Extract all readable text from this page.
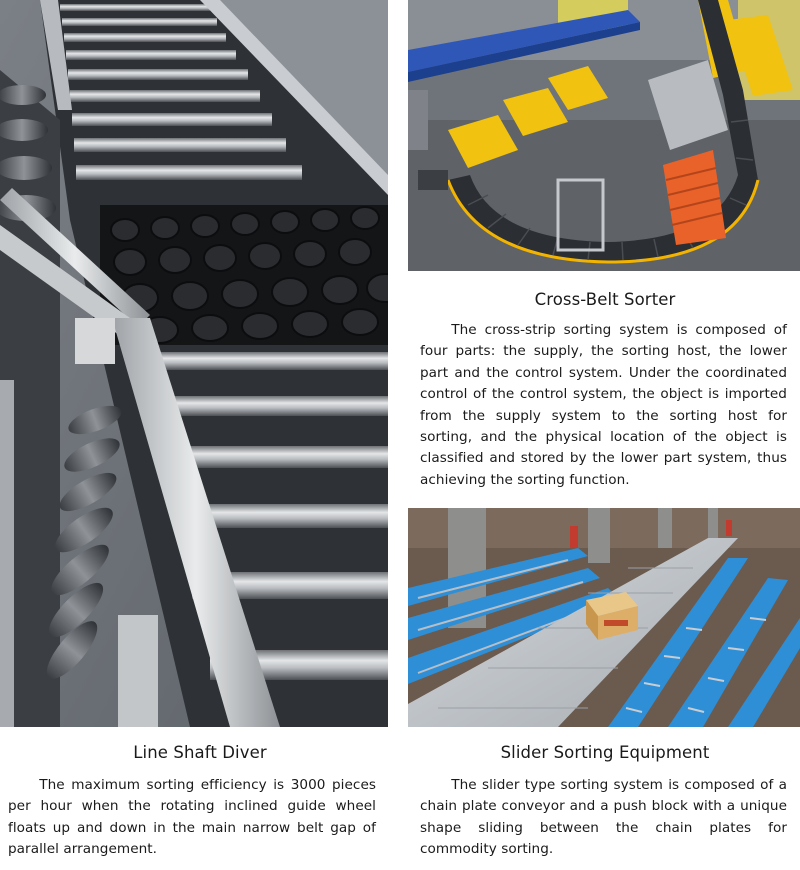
Cross-Belt Sorter
The cross-strip sorting system is composed of four parts: the supply, the sorting host, the lower part and the control system. Under the coordinated control of the control system, the object is imported from the supply system to the sorting host for sorting, and the physical location of the object is classified and stored by the lower part system, thus achieving the sorting function.
Line Shaft Diver
The maximum sorting efficiency is 3000 pieces per hour when the rotating inclined guide wheel floats up and down in the main narrow belt gap of parallel arrangement.
Slider Sorting Equipment
The slider type sorting system is composed of a chain plate conveyor and a push block with a unique shape sliding between the chain plates for commodity sorting.
